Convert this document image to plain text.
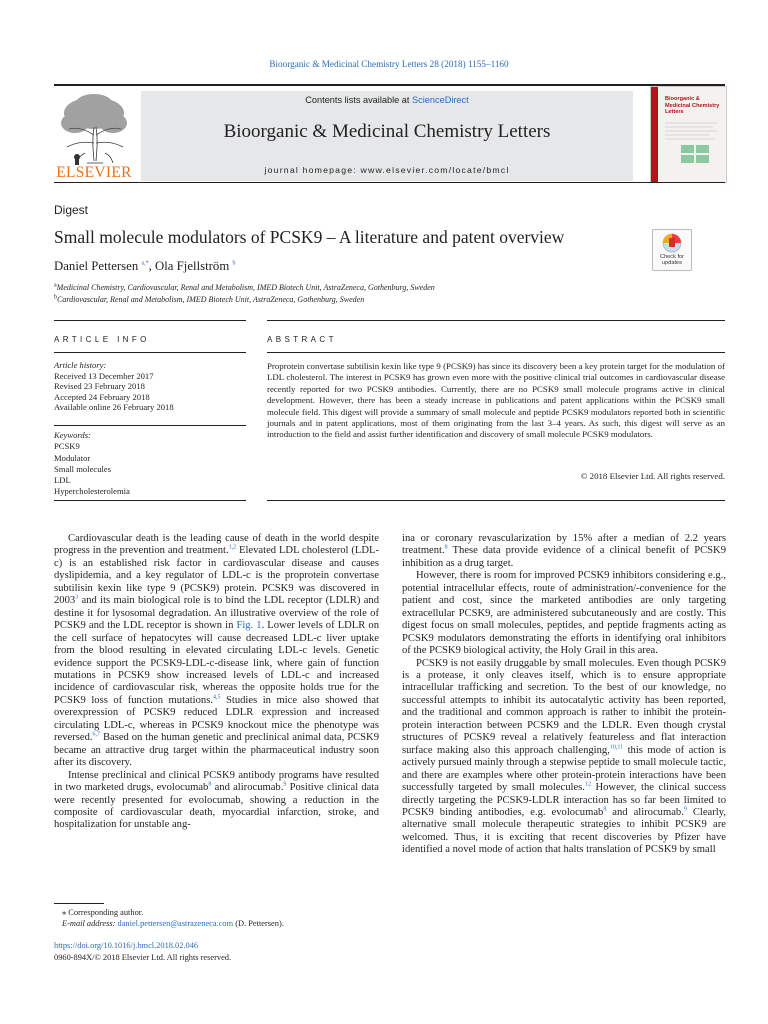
Bioorganic & Medicinal Chemistry Letters 28 (2018) 1155–1160
ELSEVIER
Contents lists available at ScienceDirect
Bioorganic & Medicinal Chemistry Letters
journal homepage: www.elsevier.com/locate/bmcl
Bioorganic & Medicinal Chemistry Letters
Digest
Small molecule modulators of PCSK9 – A literature and patent overview
Check for updates
Daniel Pettersen $^{a,*}$, Ola Fjellström $^b$
$^a$Medicinal Chemistry, Cardiovascular, Renal and Metabolism, IMED Biotech Unit, AstraZeneca, Gothenburg, Sweden
$^b$Cardiovascular, Renal and Metabolism, IMED Biotech Unit, AstraZeneca, Gothenburg, Sweden
ARTICLE INFO	ABSTRACT
Article history:
Received 13 December 2017
Revised 23 February 2018
Accepted 24 February 2018
Available online 26 February 2018
Keywords:
PCSK9
Modulator
Small molecules
LDL
Hypercholesterolemia
Proprotein convertase subtilisin kexin like type 9 (PCSK9) has since its discovery been a key protein target for the modulation of LDL cholesterol. The interest in PCSK9 has grown even more with the positive clinical trial outcomes in cardiovascular disease recently reported for two PCSK9 antibodies. Currently, there are no PCSK9 small molecule programs active in clinical development. However, there has been a steady increase in publications and patent applications within the PCSK9 small molecule field. This digest will provide a summary of small molecule and peptide PCSK9 modulators reported both in scientific journals and in patent applications, most of them originating from the last 3–4 years. As such, this digest will serve as an introduction to the field and assist further identification and discovery of small molecule PCSK9 modulators.
© 2018 Elsevier Ltd. All rights reserved.

Cardiovascular death is the leading cause of death in the world despite progress in the prevention and treatment.$^{1,2}$ Elevated LDL cholesterol (LDL-c) is an established risk factor in cardiovascular disease and causes dyslipidemia, and a key regulator of LDL-c is the proprotein convertase subtilisin kexin like type 9 (PCSK9) protein. PCSK9 was discovered in 2003$^3$ and its main biological role is to bind the LDL receptor (LDLR) and destine it for lysosomal degradation. An illustrative overview of the role of PCSK9 and the LDL receptor is shown in Fig. 1. Lower levels of LDLR on the cell surface of hepatocytes will cause decreased LDL-c liver uptake from the blood resulting in elevated circulating LDL-c levels. Genetic evidence support the PCSK9-LDL-c-disease link, where gain of function mutations in PCSK9 show increased levels of LDL-c and increased incidence of cardiovascular risk, whereas the opposite holds true for the PCSK9 loss of function mutations.$^{4,5}$ Studies in mice also showed that overexpression of PCSK9 reduced LDLR expression and increased circulating LDL-c, whereas in PCSK9 knockout mice the phenotype was reversed.$^{6,7}$ Based on the human genetic and preclinical animal data, PCSK9 became an attractive drug target within the pharmaceutical industry soon after its discovery.

Intense preclinical and clinical PCSK9 antibody programs have resulted in two marketed drugs, evolocumab$^8$ and alirocumab.$^9$ Positive clinical data were recently presented for evolocumab, showing a reduction in the composite of cardiovascular death, myocardial infarction, stroke, and hospitalization for unstable ang-

ina or coronary revascularization by 15% after a median of 2.2 years treatment.$^8$ These data provide evidence of a clinical benefit of PCSK9 inhibition as a drug target.

However, there is room for improved PCSK9 inhibitors considering e.g., potential intracellular effects, route of administration/-convenience for the patient and cost, since the marketed antibodies are only targeting extracellular PCSK9, are administered subcutaneously and are costly. This digest focus on small molecules, peptides, and peptide fragments acting as PCSK9 modulators demonstrating the efforts in identifying oral inhibitors of the PCSK9 biological activity, the Holy Grail in this area.

PCSK9 is not easily druggable by small molecules. Even though PCSK9 is a protease, it only cleaves itself, which is to ensure appropriate intracellular trafficking and secretion. To the best of our knowledge, no successful attempts to inhibit its autocatalytic activity has been reported, and the traditional and common approach is rather to inhibit the protein-protein interaction between PCSK9 and the LDLR. Even though crystal structures of PCSK9 reveal a relatively featureless and flat interaction surface making also this approach challenging,$^{10,11}$ this mode of action is actively pursued mainly through a stepwise peptide to small molecule tactic, and there are examples where other protein-protein interactions have been successfully targeted by small molecules.$^{12}$ However, the clinical success directly targeting the PCSK9-LDLR interaction has so far been limited to PCSK9 binding antibodies, e.g. evolocumab$^8$ and alirocumab.$^9$ Clearly, alternative small molecule therapeutic strategies to inhibit PCSK9 are welcomed. Thus, it is exciting that recent discoveries by Pfizer have identified a novel mode of action that halts translation of PCSK9 by small

⁎ Corresponding author.
E-mail address: daniel.pettersen@astrazeneca.com (D. Pettersen).
https://doi.org/10.1016/j.bmcl.2018.02.046
0960-894X/© 2018 Elsevier Ltd. All rights reserved.
